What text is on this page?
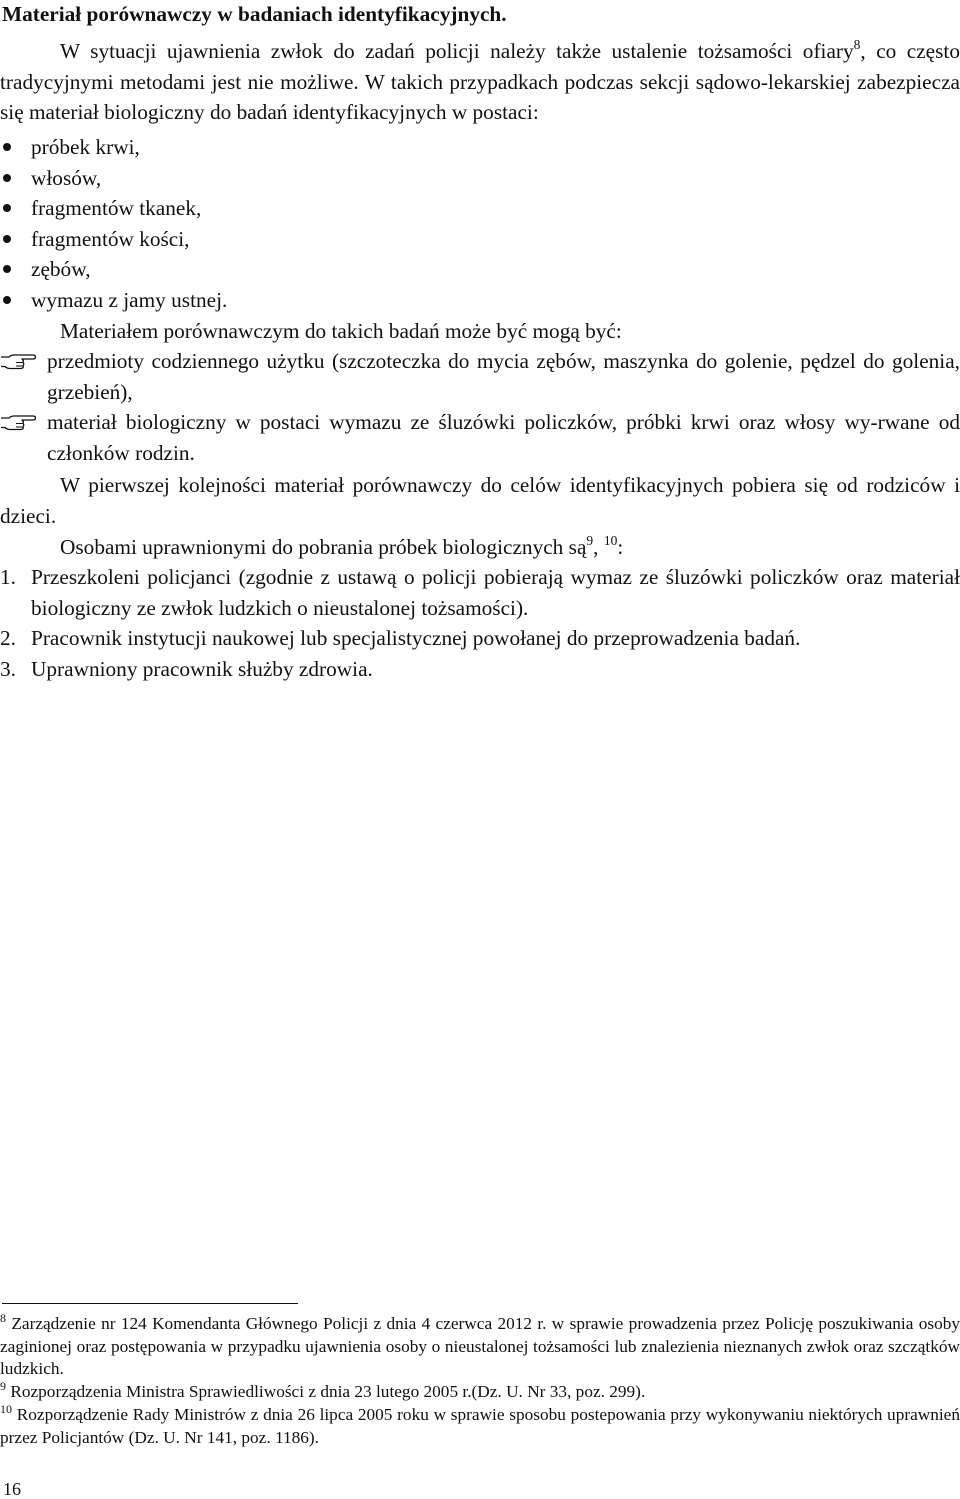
Materiał porównawczy w badaniach identyfikacyjnych.

W sytuacji ujawnienia zwłok do zadań policji należy także ustalenie tożsamości ofiary$^8$, co często tradycyjnymi metodami jest nie możliwe. W takich przypadkach podczas sekcji sądowo-lekarskiej zabezpiecza się materiał biologiczny do badań identyfikacyjnych w postaci:

próbek krwi,
włosów,
fragmentów tkanek,
fragmentów kości,
zębów,
wymazu z jamy ustnej.

Materiałem porównawczym do takich badań może być mogą być:

przedmioty codziennego użytku (szczoteczka do mycia zębów, maszynka do golenie, pędzel do golenia, grzebień),
materiał biologiczny w postaci wymazu ze śluzówki policzków, próbki krwi oraz włosy wy-rwane od członków rodzin.

W pierwszej kolejności materiał porównawczy do celów identyfikacyjnych pobiera się od rodziców i dzieci.

Osobami uprawnionymi do pobrania próbek biologicznych $są^9$, $^{10}$:

1. Przeszkoleni policjanci (zgodnie z ustawą o policji pobierają wymaz ze śluzówki policzków oraz materiał biologiczny ze zwłok ludzkich o nieustalonej tożsamości).
2. Pracownik instytucji naukowej lub specjalistycznej powołanej do przeprowadzenia badań.
3. Uprawniony pracownik służby zdrowia.

$^8$ Zarządzenie nr 124 Komendanta Głównego Policji z dnia 4 czerwca 2012 r. w sprawie prowadzenia przez Policję poszukiwania osoby zaginionej oraz postępowania w przypadku ujawnienia osoby o nieustalonej tożsamości lub znalezienia nieznanych zwłok oraz szczątków ludzkich.

$^9$ Rozporządzenia Ministra Sprawiedliwości z dnia 23 lutego 2005 r.(Dz. U. Nr 33, poz. 299).

$^{10}$ Rozporządzenie Rady Ministrów z dnia 26 lipca 2005 roku w sprawie sposobu postepowania przy wykonywaniu niektórych uprawnień przez Policjantów (Dz. U. Nr 141, poz. 1186).

16
